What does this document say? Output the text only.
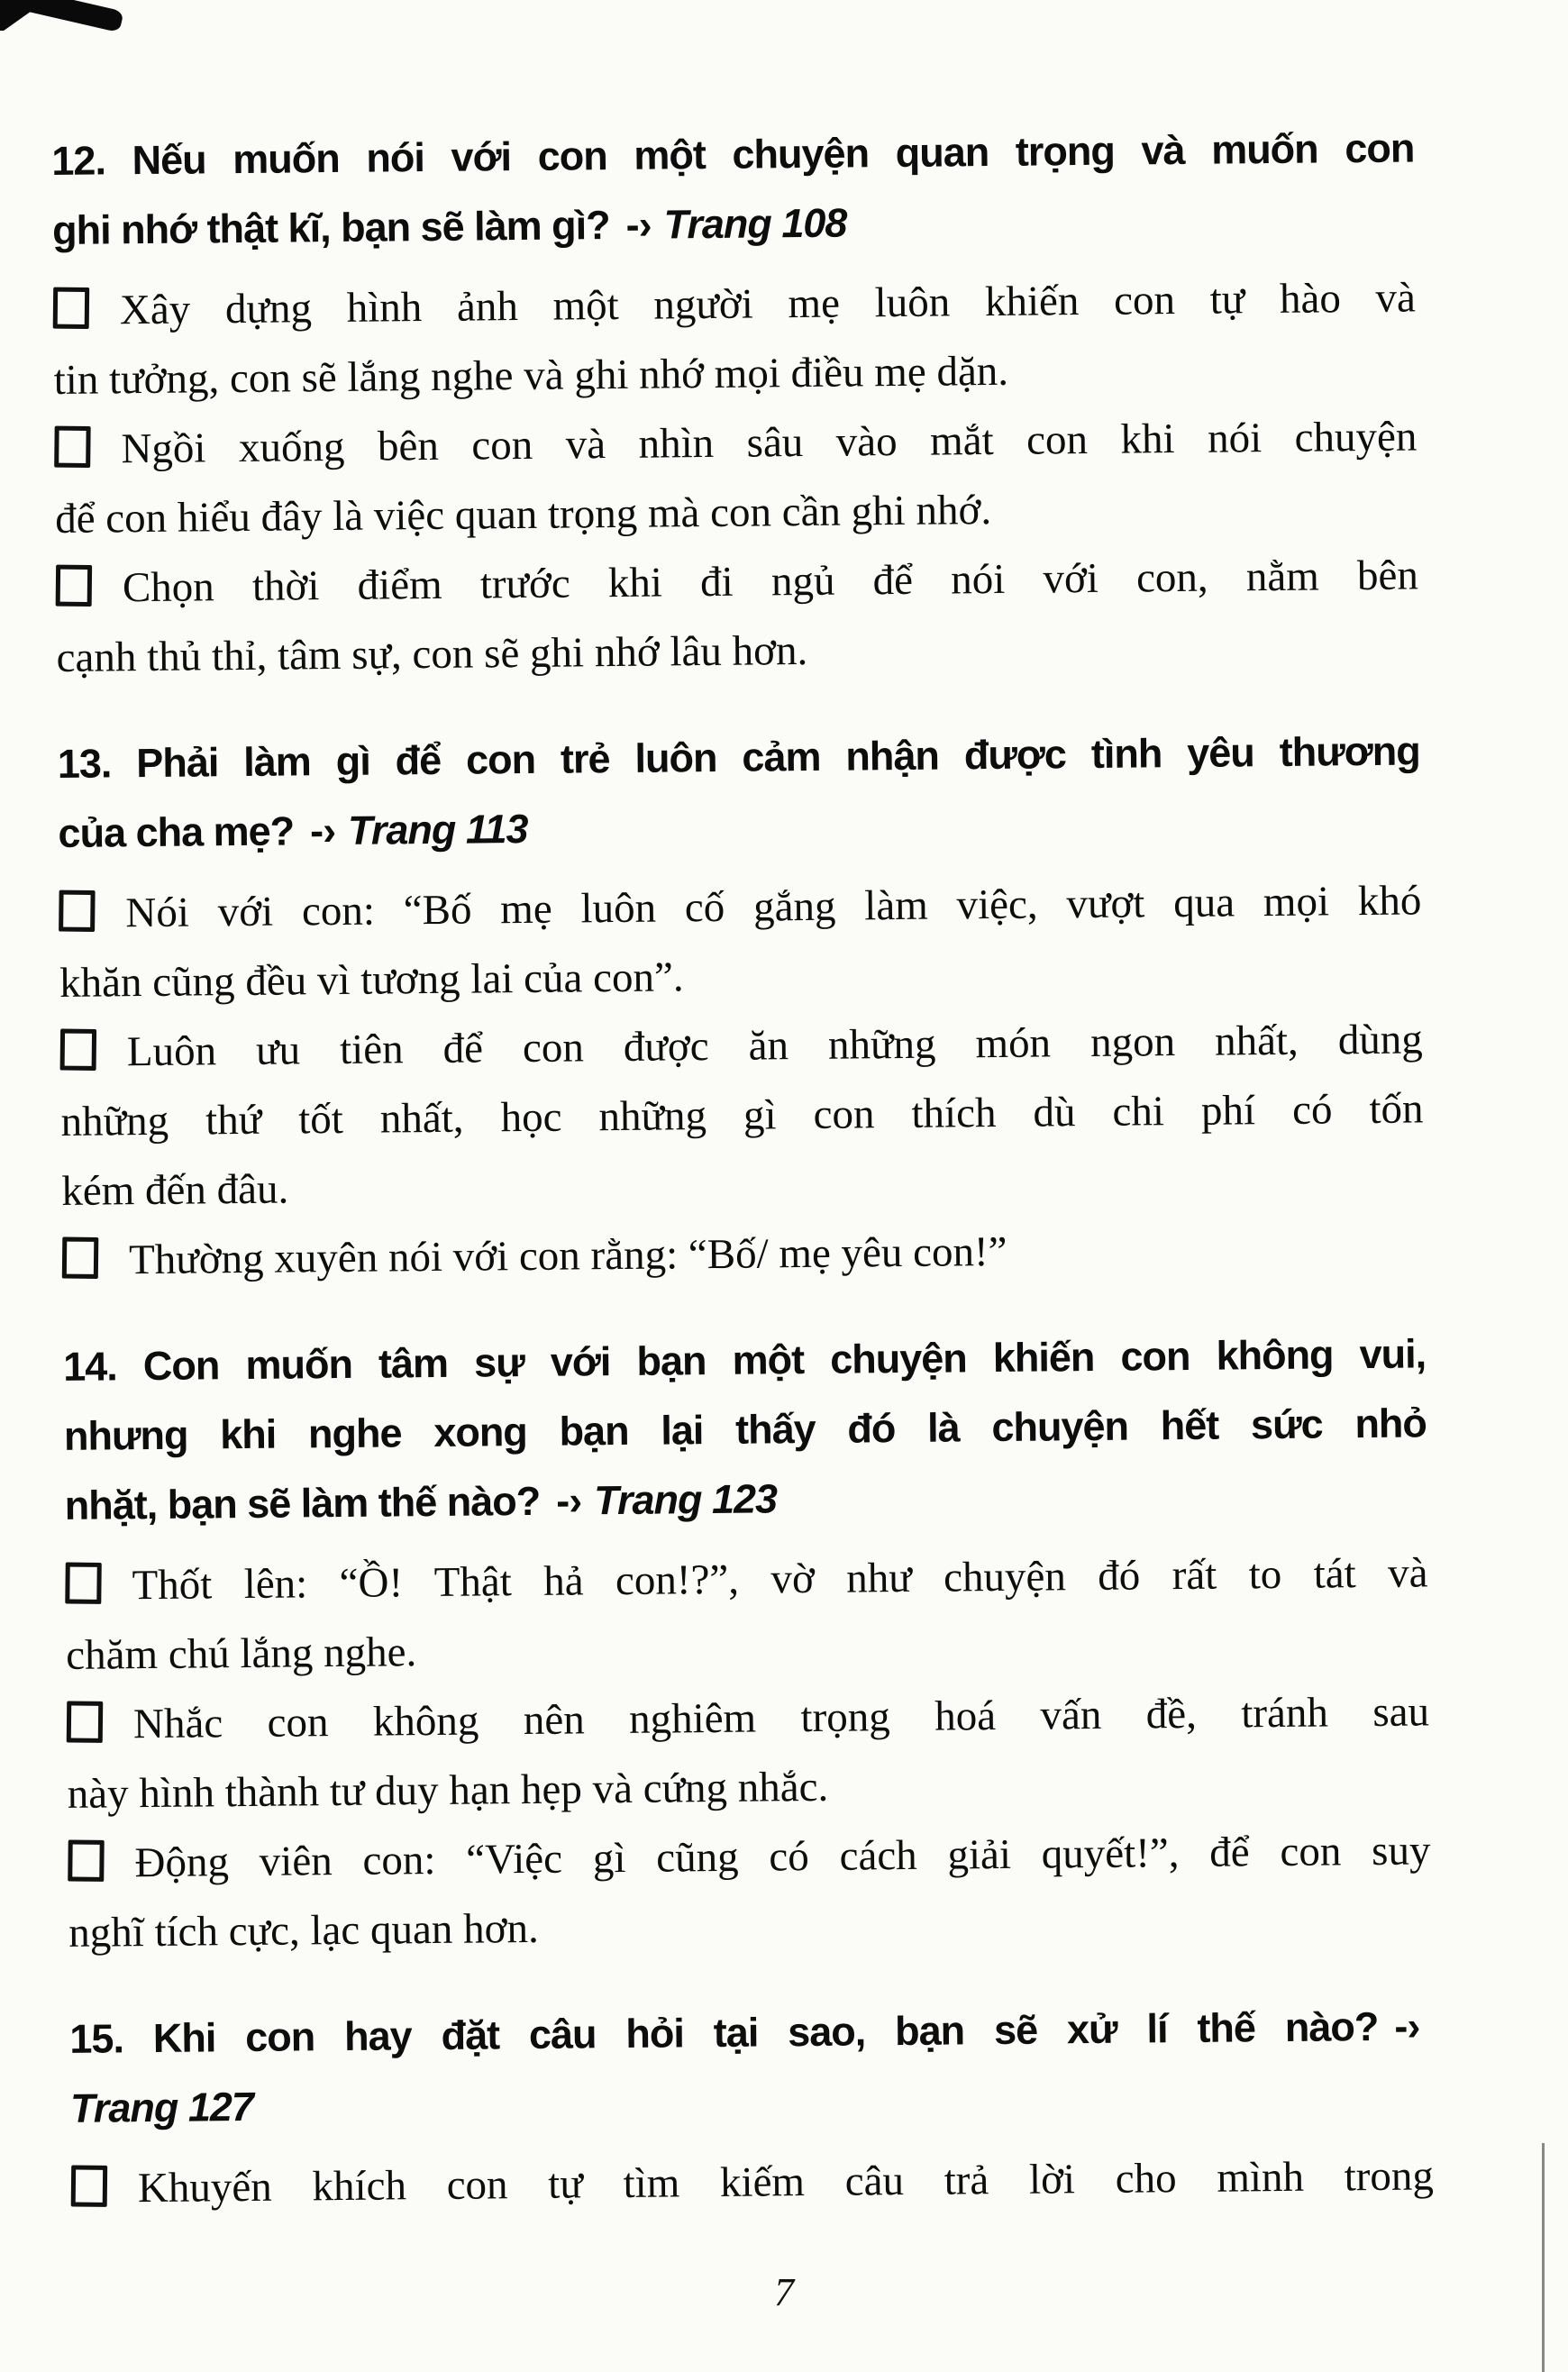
12. Nếu muốn nói với con một chuyện quan trọng và muốn con
ghi nhớ thật kĩ, bạn sẽ làm gì? -› Trang 108
Xây dựng hình ảnh một người mẹ luôn khiến con tự hào và
tin tưởng, con sẽ lắng nghe và ghi nhớ mọi điều mẹ dặn.
Ngồi xuống bên con và nhìn sâu vào mắt con khi nói chuyện
để con hiểu đây là việc quan trọng mà con cần ghi nhớ.
Chọn thời điểm trước khi đi ngủ để nói với con, nằm bên
cạnh thủ thỉ, tâm sự, con sẽ ghi nhớ lâu hơn.
13. Phải làm gì để con trẻ luôn cảm nhận được tình yêu thương
của cha mẹ? -› Trang 113
Nói với con: “Bố mẹ luôn cố gắng làm việc, vượt qua mọi khó
khăn cũng đều vì tương lai của con”.
Luôn ưu tiên để con được ăn những món ngon nhất, dùng
những thứ tốt nhất, học những gì con thích dù chi phí có tốn
kém đến đâu.
Thường xuyên nói với con rằng: “Bố/ mẹ yêu con!”
14. Con muốn tâm sự với bạn một chuyện khiến con không vui,
nhưng khi nghe xong bạn lại thấy đó là chuyện hết sức nhỏ
nhặt, bạn sẽ làm thế nào? -› Trang 123
Thốt lên: “Ồ! Thật hả con!?”, vờ như chuyện đó rất to tát và
chăm chú lắng nghe.
Nhắc con không nên nghiêm trọng hoá vấn đề, tránh sau
này hình thành tư duy hạn hẹp và cứng nhắc.
Động viên con: “Việc gì cũng có cách giải quyết!”, để con suy
nghĩ tích cực, lạc quan hơn.
15. Khi con hay đặt câu hỏi tại sao, bạn sẽ xử lí thế nào? -›
Trang 127
Khuyến khích con tự tìm kiếm câu trả lời cho mình trong
7
